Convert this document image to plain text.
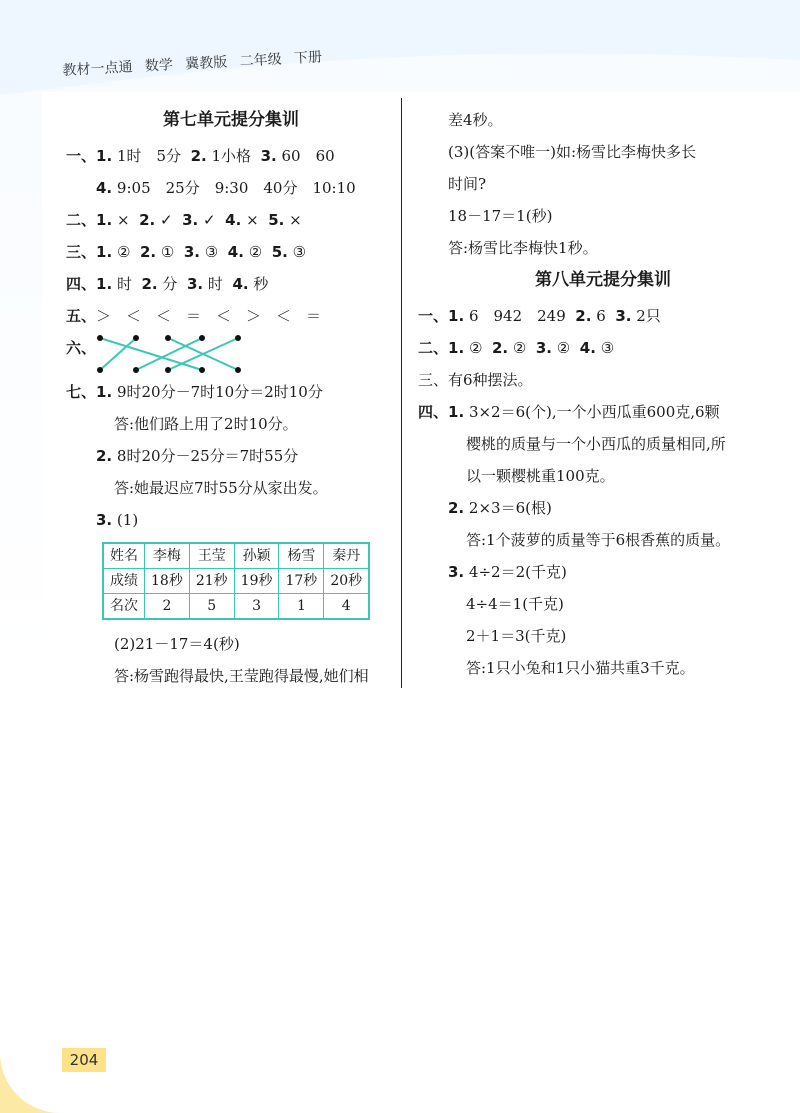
教材一点通 数学 冀教版 二年级 下册
第七单元提分集训
一、1. 1时　5分 2. 1小格 3. 60　60
4. 9:05　25分　9:30　40分　10:10
二、1. × 2. ✓ 3. ✓ 4. × 5. ×
三、1. ② 2. ① 3. ③ 4. ② 5. ③
四、1. 时 2. 分 3. 时 4. 秒
五、＞　＜　＜　＝　＜　＞　＜　＝
六、
七、1. 9时20分－7时10分＝2时10分
答:他们路上用了2时10分。
2. 8时20分－25分＝7时55分
答:她最迟应7时55分从家出发。
3. (1)
姓名	李梅	王莹	孙颖	杨雪	秦丹
成绩	18秒	21秒	19秒	17秒	20秒
名次	2	5	3	1	4
(2)21－17＝4(秒)
答:杨雪跑得最快,王莹跑得最慢,她们相
差4秒。
(3)(答案不唯一)如:杨雪比李梅快多长
时间?
18－17＝1(秒)
答:杨雪比李梅快1秒。
第八单元提分集训
一、1. 6　942　249 2. 6 3. 2只
二、1. ② 2. ② 3. ② 4. ③
三、有6种摆法。
四、1. 3×2＝6(个),一个小西瓜重600克,6颗
樱桃的质量与一个小西瓜的质量相同,所
以一颗樱桃重100克。
2. 2×3＝6(根)
答:1个菠萝的质量等于6根香蕉的质量。
3. 4÷2＝2(千克)
4÷4＝1(千克)
2＋1＝3(千克)
答:1只小兔和1只小猫共重3千克。
204
